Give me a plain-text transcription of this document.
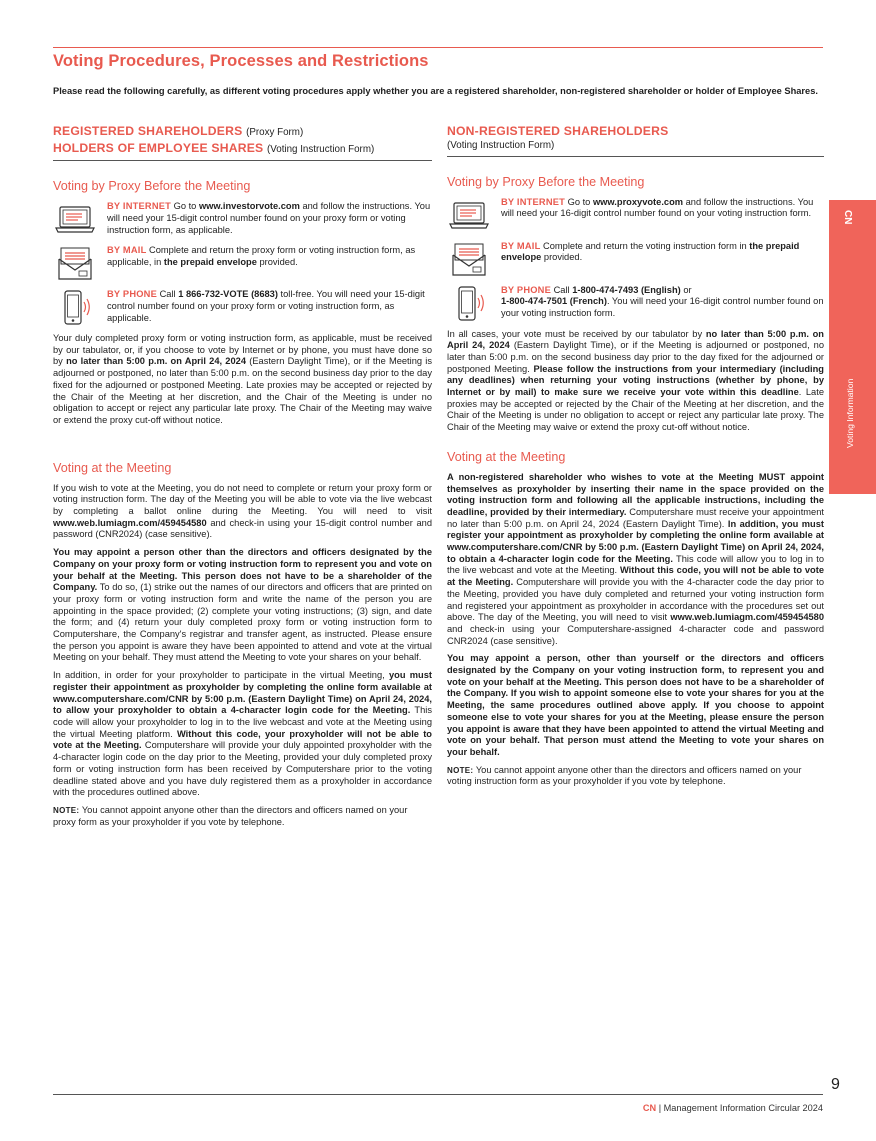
Voting Procedures, Processes and Restrictions

Please read the following carefully, as different voting procedures apply whether you are a registered shareholder, non-registered shareholder or holder of Employee Shares.

REGISTERED SHAREHOLDERS (Proxy Form)
HOLDERS OF EMPLOYEE SHARES (Voting Instruction Form)
Voting by Proxy Before the Meeting
BY INTERNET Go to www.investorvote.com and follow the instructions. You will need your 15-digit control number found on your proxy form or voting instruction form, as applicable.
BY MAIL Complete and return the proxy form or voting instruction form, as applicable, in the prepaid envelope provided.
BY PHONE Call 1 866-732-VOTE (8683) toll-free. You will need your 15-digit control number found on your proxy form or voting instruction form, as applicable.

Your duly completed proxy form or voting instruction form, as applicable, must be received by our tabulator, or, if you choose to vote by Internet or by phone, you must have done so by no later than 5:00 p.m. on April 24, 2024 (Eastern Daylight Time), or if the Meeting is adjourned or postponed, no later than 5:00 p.m. on the second business day prior to the day fixed for the adjourned or postponed Meeting. Late proxies may be accepted or rejected by the Chair of the Meeting at her discretion, and the Chair of the Meeting is under no obligation to accept or reject any particular late proxy. The Chair of the Meeting may waive or extend the proxy cut-off without notice.

Voting at the Meeting

If you wish to vote at the Meeting, you do not need to complete or return your proxy form or voting instruction form. The day of the Meeting you will be able to vote via the live webcast by completing a ballot online during the Meeting. You will need to visit www.web.lumiagm.com/459454580 and check-in using your 15-digit control number and password (CNR2024) (case sensitive).

You may appoint a person other than the directors and officers designated by the Company on your proxy form or voting instruction form to represent you and vote on your behalf at the Meeting. This person does not have to be a shareholder of the Company. To do so, (1) strike out the names of our directors and officers that are printed on your proxy form or voting instruction form and write the name of the person you are appointing in the space provided; (2) complete your voting instructions; (3) sign, and date the form; and (4) return your duly completed proxy form or voting instruction form to Computershare, the Company's registrar and transfer agent, as instructed. Please ensure the person you appoint is aware they have been appointed to attend and vote at the virtual Meeting on your behalf. They must attend the Meeting to vote your shares on your behalf.

In addition, in order for your proxyholder to participate in the virtual Meeting, you must register their appointment as proxyholder by completing the online form available at www.computershare.com/CNR by 5:00 p.m. (Eastern Daylight Time) on April 24, 2024, to allow your proxyholder to obtain a 4-character login code for the Meeting. This code will allow your proxyholder to log in to the live webcast and vote at the Meeting using the virtual Meeting platform. Without this code, your proxyholder will not be able to vote at the Meeting. Computershare will provide your duly appointed proxyholder with the 4-character login code on the day prior to the Meeting, provided your duly completed proxy form or voting instruction form has been received by Computershare prior to the voting deadline stated above and you have duly registered them as a proxyholder in accordance with the procedures outlined above.

NOTE: You cannot appoint anyone other than the directors and officers named on your proxy form as your proxyholder if you vote by telephone.

NON-REGISTERED SHAREHOLDERS
(Voting Instruction Form)
Voting by Proxy Before the Meeting
BY INTERNET Go to www.proxyvote.com and follow the instructions. You will need your 16-digit control number found on your voting instruction form.
BY MAIL Complete and return the voting instruction form in the prepaid envelope provided.
BY PHONE Call 1-800-474-7493 (English) or
1-800-474-7501 (French). You will need your 16-digit control number found on your voting instruction form.

In all cases, your vote must be received by our tabulator by no later than 5:00 p.m. on April 24, 2024 (Eastern Daylight Time), or if the Meeting is adjourned or postponed, no later than 5:00 p.m. on the second business day prior to the day fixed for the adjourned or postponed Meeting. Please follow the instructions from your intermediary (including any deadlines) when returning your voting instructions (whether by phone, by Internet or by mail) to make sure we receive your vote within this deadline. Late proxies may be accepted or rejected by the Chair of the Meeting at her discretion, and the Chair of the Meeting is under no obligation to accept or reject any particular late proxy. The Chair of the Meeting may waive or extend the proxy cut-off without notice.

Voting at the Meeting

A non-registered shareholder who wishes to vote at the Meeting MUST appoint themselves as proxyholder by inserting their name in the space provided on the voting instruction form and following all the applicable instructions, including the deadline, provided by their intermediary. Computershare must receive your appointment no later than 5:00 p.m. on April 24, 2024 (Eastern Daylight Time). In addition, you must register your appointment as proxyholder by completing the online form available at www.computershare.com/CNR by 5:00 p.m. (Eastern Daylight Time) on April 24, 2024, to obtain a 4-character login code for the Meeting. This code will allow you to log in to the live webcast and vote at the Meeting. Without this code, you will not be able to vote at the Meeting. Computershare will provide you with the 4-character code the day prior to the Meeting, provided you have duly completed and returned your voting instruction form and registered your appointment as proxyholder in accordance with the procedures set out above. The day of the Meeting, you will need to visit www.web.lumiagm.com/459454580 and check-in using your Computershare-assigned 4-character code and password CNR2024 (case sensitive).

You may appoint a person, other than yourself or the directors and officers designated by the Company on your voting instruction form, to represent you and vote on your behalf at the Meeting. This person does not have to be a shareholder of the Company. If you wish to appoint someone else to vote your shares for you at the Meeting, the same procedures outlined above apply. If you choose to appoint someone else to vote your shares for you at the Meeting, please ensure the person you appoint is aware that they have been appointed to attend the virtual Meeting and vote on your behalf. That person must attend the Meeting to vote your shares on your behalf.

NOTE: You cannot appoint anyone other than the directors and officers named on your voting instruction form as your proxyholder if you vote by telephone.

CN
Voting Information
9
CN | Management Information Circular 2024
